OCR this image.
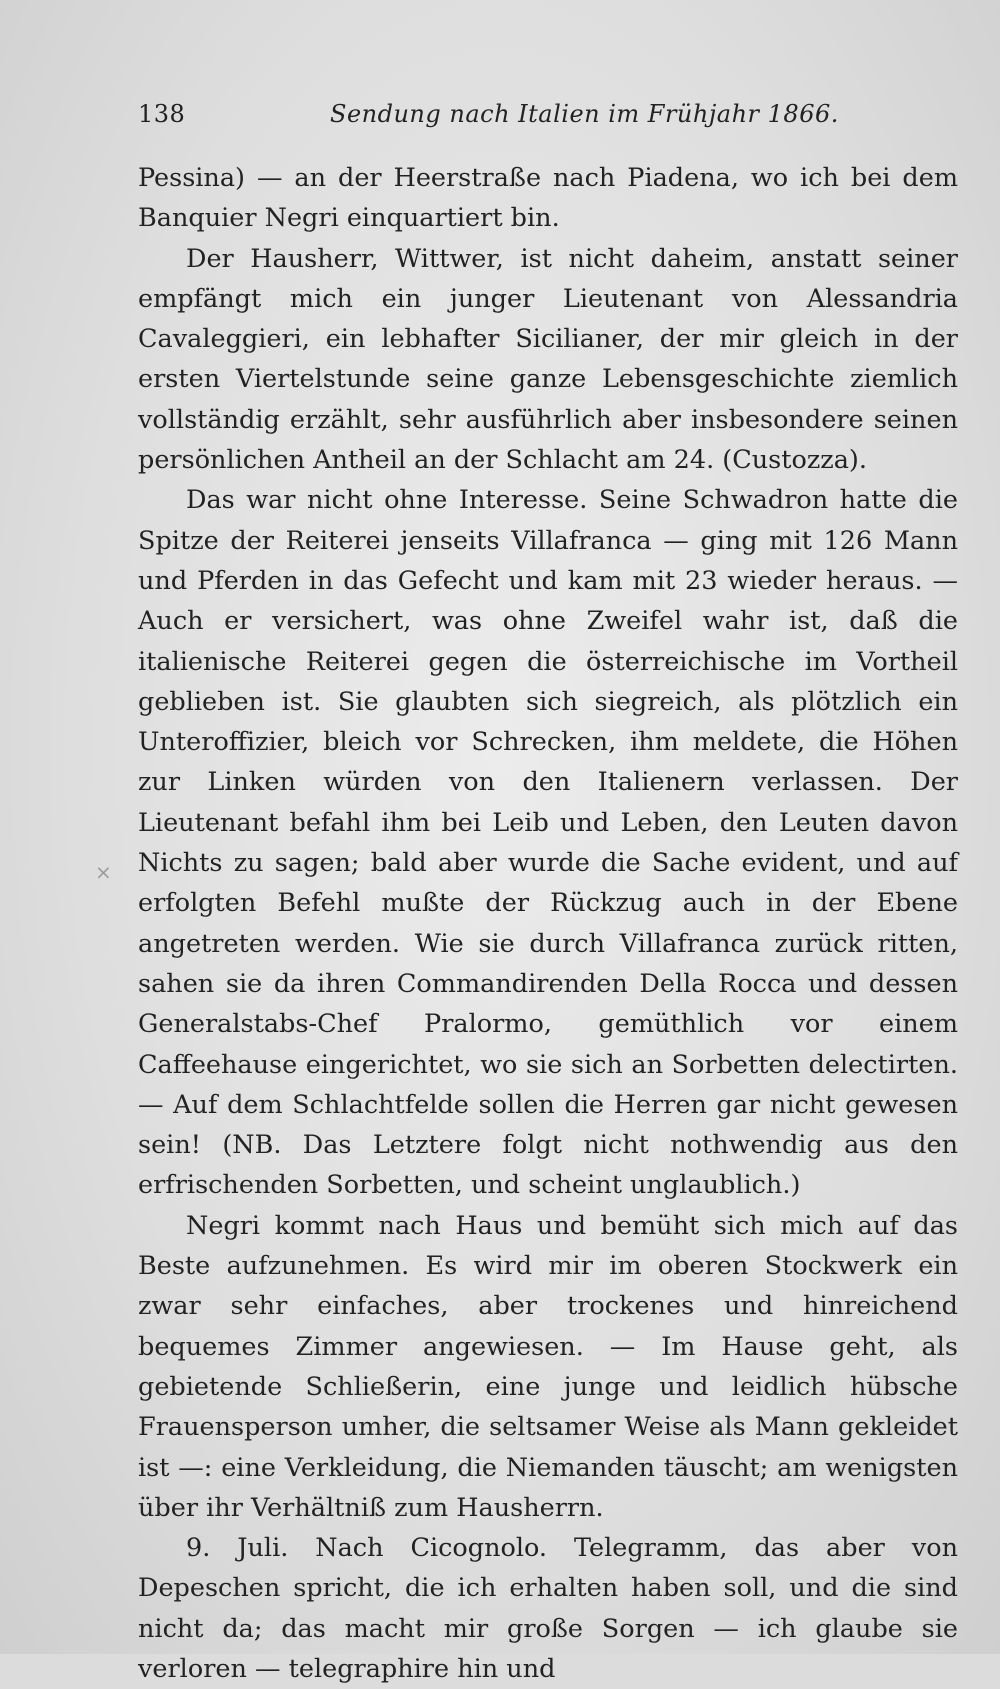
138	Sendung nach Italien im Frühjahr 1866.
×

Pessina) — an der Heerstraße nach Piadena, wo ich bei dem Banquier Negri einquartiert bin.

Der Hausherr, Wittwer, ist nicht daheim, anstatt seiner empfängt mich ein junger Lieutenant von Alessandria Cavaleggieri, ein lebhafter Sicilianer, der mir gleich in der ersten Viertelstunde seine ganze Lebensgeschichte ziemlich vollständig erzählt, sehr ausführlich aber insbesondere seinen persönlichen Antheil an der Schlacht am 24. (Custozza).

Das war nicht ohne Interesse. Seine Schwadron hatte die Spitze der Reiterei jenseits Villafranca — ging mit 126 Mann und Pferden in das Gefecht und kam mit 23 wieder heraus. — Auch er versichert, was ohne Zweifel wahr ist, daß die italienische Reiterei gegen die österreichische im Vortheil geblieben ist. Sie glaubten sich siegreich, als plötzlich ein Unteroffizier, bleich vor Schrecken, ihm meldete, die Höhen zur Linken würden von den Italienern verlassen. Der Lieutenant befahl ihm bei Leib und Leben, den Leuten davon Nichts zu sagen; bald aber wurde die Sache evident, und auf erfolgten Befehl mußte der Rückzug auch in der Ebene angetreten werden. Wie sie durch Villafranca zurück ritten, sahen sie da ihren Commandirenden Della Rocca und dessen Generalstabs-Chef Pralormo, gemüthlich vor einem Caffeehause eingerichtet, wo sie sich an Sorbetten delectirten. — Auf dem Schlachtfelde sollen die Herren gar nicht gewesen sein! (NB. Das Letztere folgt nicht nothwendig aus den erfrischenden Sorbetten, und scheint unglaublich.)

Negri kommt nach Haus und bemüht sich mich auf das Beste aufzunehmen. Es wird mir im oberen Stockwerk ein zwar sehr einfaches, aber trockenes und hinreichend bequemes Zimmer angewiesen. — Im Hause geht, als gebietende Schließerin, eine junge und leidlich hübsche Frauensperson umher, die seltsamer Weise als Mann gekleidet ist —: eine Verkleidung, die Niemanden täuscht; am wenigsten über ihr Verhältniß zum Hausherrn.

9. Juli. Nach Cicognolo. Telegramm, das aber von Depeschen spricht, die ich erhalten haben soll, und die sind nicht da; das macht mir große Sorgen — ich glaube sie verloren — telegraphire hin und
